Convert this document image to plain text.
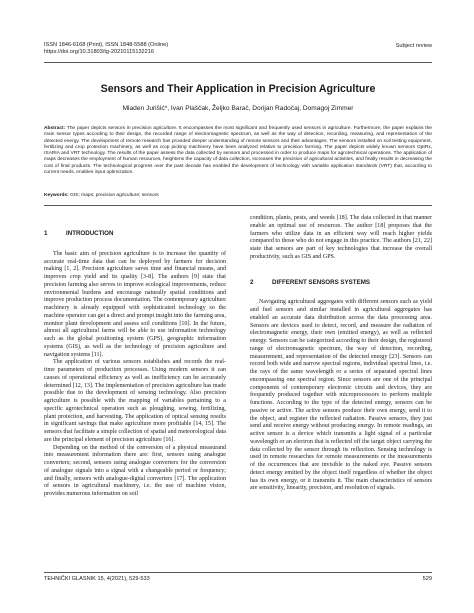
ISSN 1846-6168 (Print), ISSN 1848-5588 (Online)
https://doi.org/10.31803/tg-20210115132216
Subject review
Sensors and Their Application in Precision Agriculture
Mladen Jurišić*, Ivan Plaščak, Željko Barač, Dorijan Radočaj, Domagoj Zimmer
Abstract: The paper depicts sensors in precision agriculture. It encompasses the most significant and frequently used sensors in agriculture. Furthermore, the paper explains the main sensor types according to their design, the recorded range of electromagnetic spectrum, as well as the way of detection, recording, measuring, and representation of the detected energy. The development of remote research has provided deeper understanding of remote sensors and their advantages. The sensors installed on soil testing equipment, fertilizing and crop protection machinery, as well as crop picking machinery have been analyzed relative to precision farming. The paper depicts widely known sensors OptRx, ISARIA and VRT technology. The results of the paper assess the data collected by sensors and processed in order to produce maps for agrotechnical operations. The application of maps decreases the employment of human resources, heightens the capacity of data collection, increases the precision of agricultural activities, and finally results in decreasing the cost of final products. The technological progress over the past decade has enabled the development of technology with variable application standards (VRT) that, according to current needs, enables input optimization.
Keywords: GIS; maps; precision agriculture; sensors
1	INTRODUCTION

The basic aim of precision agriculture is to increase the quantity of accurate real-time data that can be deployed by farmers for decision making [1, 2]. Precision agriculture saves time and financial means, and improves crop yield and its quality [3-8]. The authors [9] state that precision farming also serves to improve ecological improvements, reduce environmental burdens and encourage naturally spatial conditions and improve production process documentation. The contemporary agriculture machinery is already equipped with sophisticated technology so the machine operator can get a direct and prompt insight into the farming area, monitor plant development and assess soil conditions [10]. In the future, almost all agricultural farms will be able to use information technology such as the global positioning system (GPS), geographic information systems (GIS), as well as the technology of precision agriculture and navigation systems [11].

The application of various sensors establishes and records the real- time parameters of production processes. Using modern sensors it can causes of operational efficiency as well as inefficiency can be accurately determined [12, 13]. The implementation of precision agriculture has made possible due to the development of sensing technology. Also precision agriculture is possible with the mapping of variables pertaining to a specific agrotechnical operation such as ploughing, sowing, fertilizing, plant protection, and harvesting. The application of optical sensing results in significant savings that make agriculture more profitable [14, 15]. The sensors that facilitate a simple collection of spatial and meteorological data are the principal element of precision agriculture [16].

Depending on the method of the conversion of a physical measurand into measurement information there are: first, sensors using analogue converters; second, sensors using analogue converters for the conversion of analogue signals into a signal with a changeable period or frequency; and finally, sensors with analogue-digital converters [17]. The application of sensors in agricultural machinery, i.e. the use of machine vision, provides numerous information on soil

condition, plants, pests, and weeds [18]. The data collected in that manner enable an optimal use of resources. The author [18] proposes that the farmers who utilize data in an efficient way will reach higher yields compared to those who do not engage in this practice. The authors [21, 22] state that sensors are part of key technologies that increase the overall productivity, such as GIS and GPS.

2	DIFFERENT SENSORS SYSTEMS

Navigating agricultural aggregates with different sensors such as yield and fuel sensors and similar installed in agricultural aggregates has enabled an accurate data distribution across the data processing area. Sensors are devices used to detect, record, and measure the radiation of electromagnetic energy, their own (emitted energy), as well as reflected energy. Sensors can be categorized according to their design, the registered range of electromagnetic spectrum, the way of detection, recording, measurement, and representation of the detected energy [23]. Sensors can record both wide and narrow spectral regions, individual spectral lines, i.e. the rays of the same wavelength or a series of separated spectral lines encompassing one spectral region. Since sensors are one of the principal components of contemporary electronic circuits and devices, they are frequently produced together with microprocessors to perform multiple functions. According to the type of the detected energy, sensors can be passive or active. The active sensors produce their own energy, send it to the object, and register the reflected radiation. Passive sensors, they just send and receive energy without producing energy. In remote readings, an active sensor is a device which transmits a light signal of a particular wavelength or an electron that is reflected off the target object carrying the data collected by the sensor through its reflection. Sensing technology is used in remote researches for remote measurements or the measurements of the occurrences that are invisible to the naked eye. Passive sensors detect energy emitted by the object itself regardless of whether the object has its own energy, or it transmits it. The main characteristics of sensors are sensitivity, linearity, precision, and resolution of signals.

TEHNIČKI GLASNIK 15, 4(2021), 529-533	529
